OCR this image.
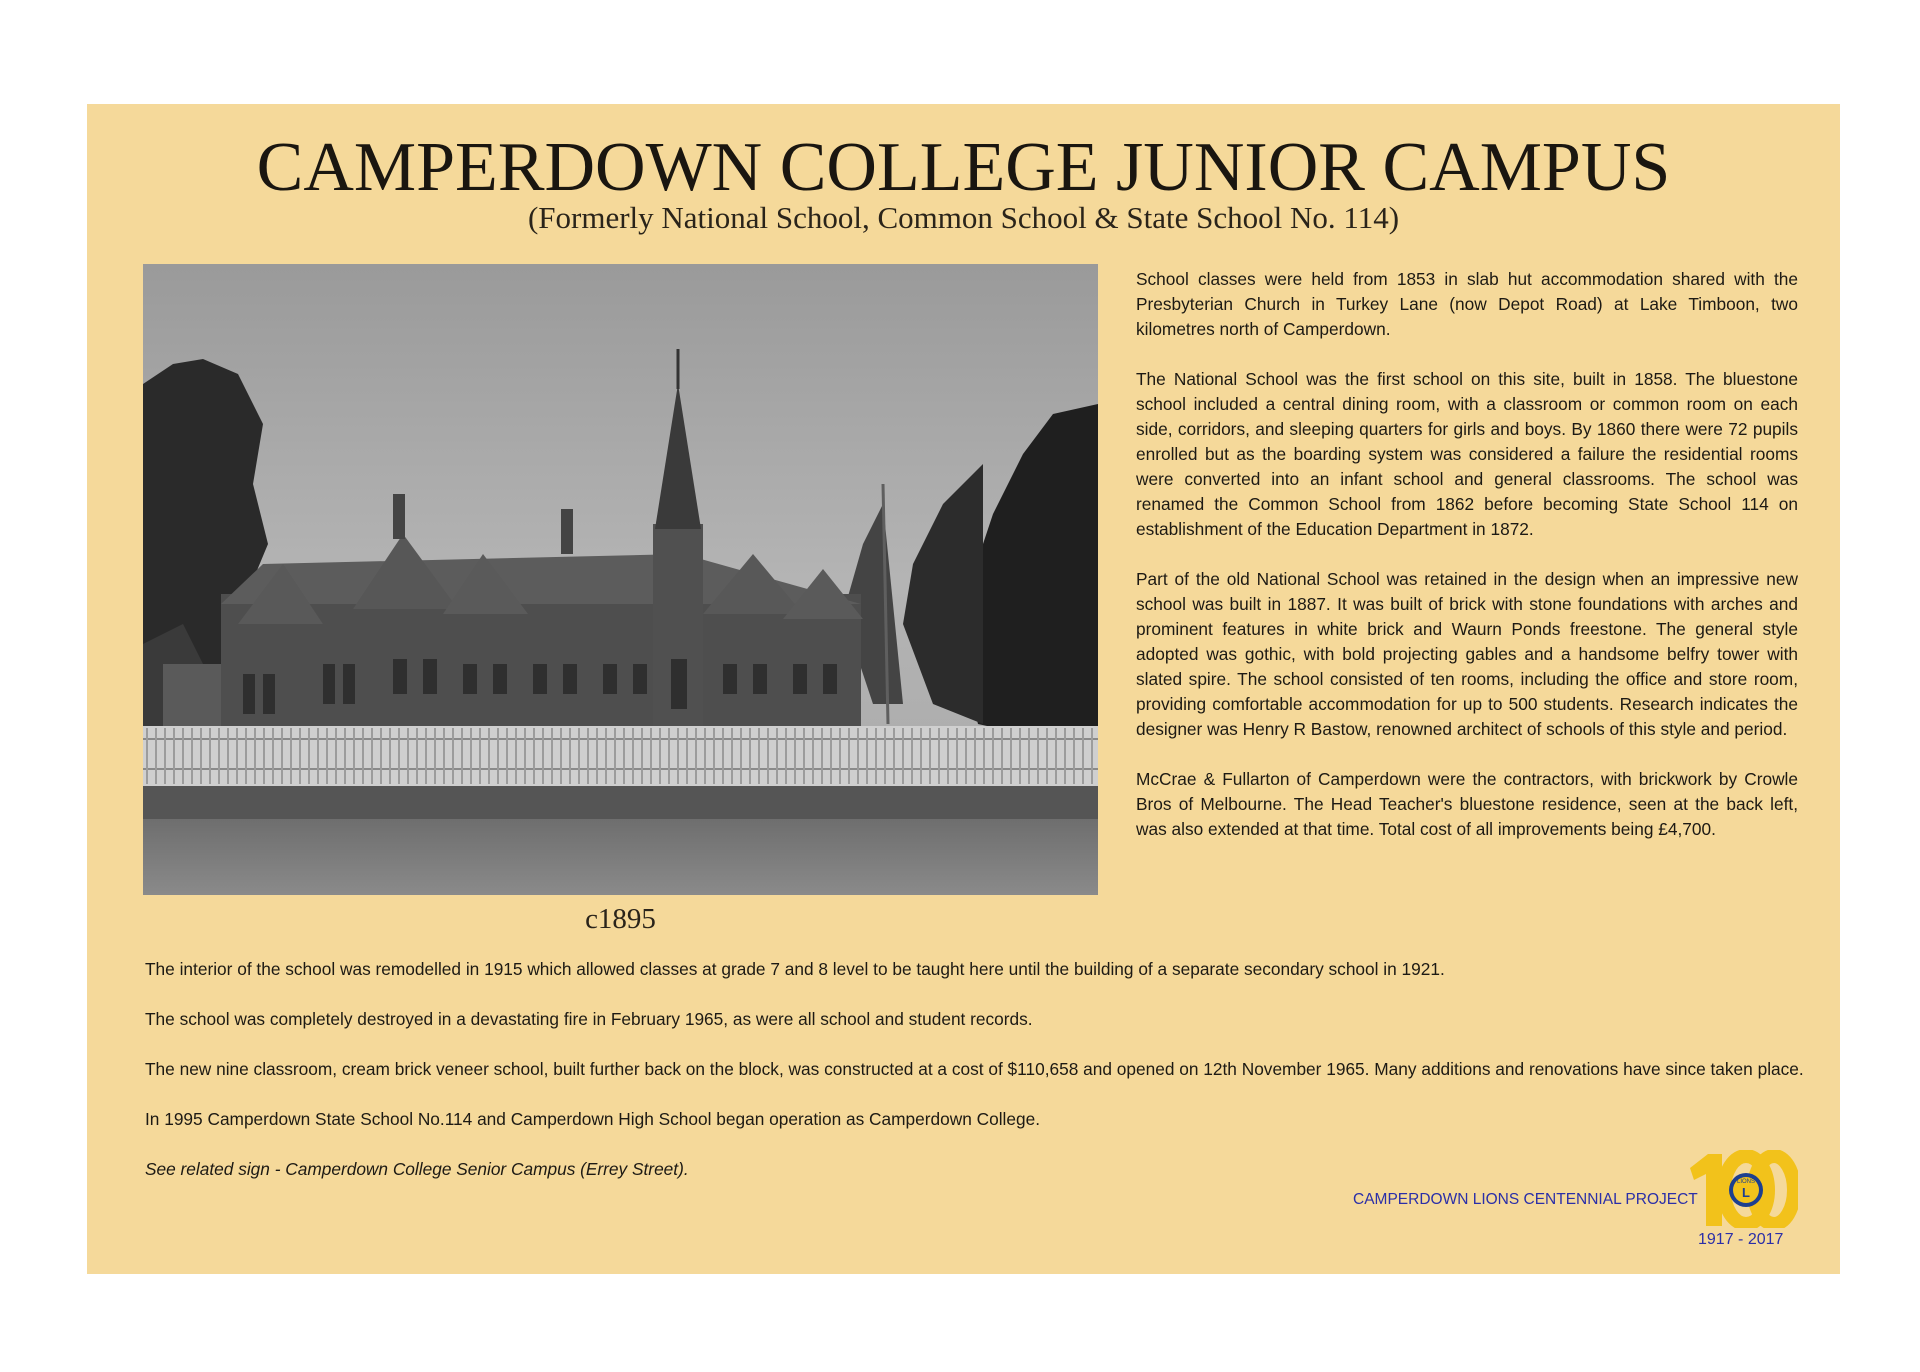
CAMPERDOWN COLLEGE JUNIOR CAMPUS
(Formerly National School, Common School & State School No. 114)
c1895

School classes were held from 1853 in slab hut accommodation shared with the Presbyterian Church in Turkey Lane (now Depot Road) at Lake Timboon, two kilometres north of Camperdown.

The National School was the first school on this site, built in 1858. The bluestone school included a central dining room, with a classroom or common room on each side, corridors, and sleeping quarters for girls and boys. By 1860 there were 72 pupils enrolled but as the boarding system was considered a failure the residential rooms were converted into an infant school and general classrooms. The school was renamed the Common School from 1862 before becoming State School 114 on establishment of the Education Department in 1872.

Part of the old National School was retained in the design when an impressive new school was built in 1887. It was built of brick with stone foundations with arches and prominent features in white brick and Waurn Ponds freestone. The general style adopted was gothic, with bold projecting gables and a handsome belfry tower with slated spire. The school consisted of ten rooms, including the office and store room, providing comfortable accommodation for up to 500 students. Research indicates the designer was Henry R Bastow, renowned architect of schools of this style and period.

McCrae & Fullarton of Camperdown were the contractors, with brickwork by Crowle Bros of Melbourne. The Head Teacher's bluestone residence, seen at the back left, was also extended at that time. Total cost of all improvements being £4,700.

The interior of the school was remodelled in 1915 which allowed classes at grade 7 and 8 level to be taught here until the building of a separate secondary school in 1921.

The school was completely destroyed in a devastating fire in February 1965, as were all school and student records.

The new nine classroom, cream brick veneer school, built further back on the block, was constructed at a cost of $110,658 and opened on 12th November 1965. Many additions and renovations have since taken place.

In 1995 Camperdown State School No.114 and Camperdown High School began operation as Camperdown College.

See related sign - Camperdown College Senior Campus (Errey Street).

CAMPERDOWN LIONS CENTENNIAL PROJECT
LIONS
L
1917 - 2017
